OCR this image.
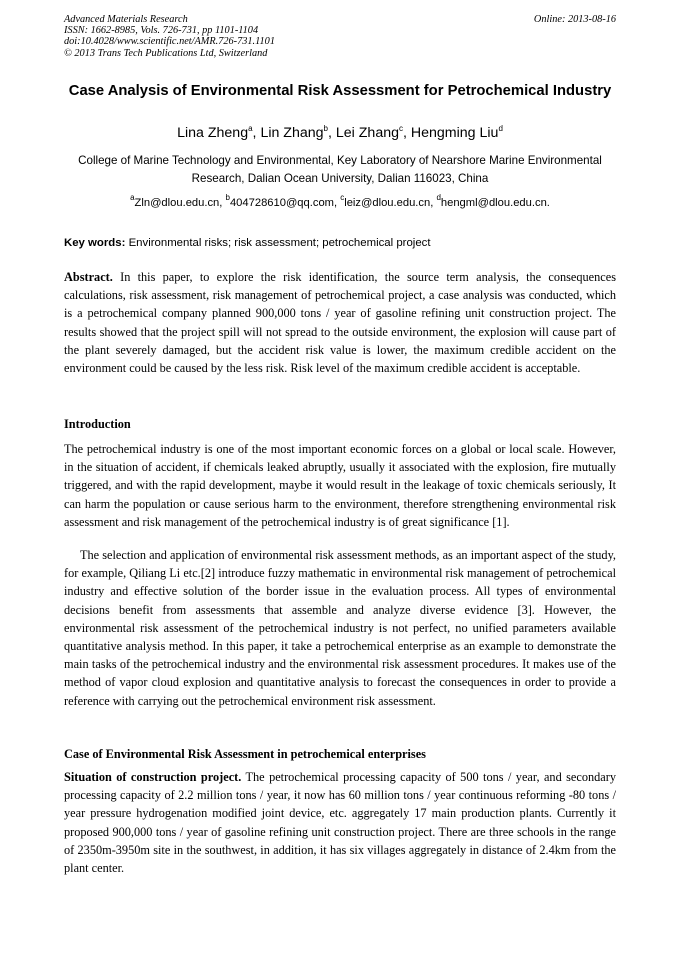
Advanced Materials Research
ISSN: 1662-8985, Vols. 726-731, pp 1101-1104
doi:10.4028/www.scientific.net/AMR.726-731.1101
© 2013 Trans Tech Publications Ltd, Switzerland
Online: 2013-08-16
Case Analysis of Environmental Risk Assessment for Petrochemical Industry
Lina Zheng$^a$, Lin Zhang$^b$, Lei Zhang$^c$, Hengming Liu$^d$
College of Marine Technology and Environmental, Key Laboratory of Nearshore Marine Environmental Research, Dalian Ocean University, Dalian 116023, China
$^a$Zln@dlou.edu.cn, $^b$404728610@qq.com, $^c$leiz@dlou.edu.cn, $^d$hengml@dlou.edu.cn.
Key words: Environmental risks; risk assessment; petrochemical project
Abstract. In this paper, to explore the risk identification, the source term analysis, the consequences calculations, risk assessment, risk management of petrochemical project, a case analysis was conducted, which is a petrochemical company planned 900,000 tons / year of gasoline refining unit construction project. The results showed that the project spill will not spread to the outside environment, the explosion will cause part of the plant severely damaged, but the accident risk value is lower, the maximum credible accident on the environment could be caused by the less risk. Risk level of the maximum credible accident is acceptable.
Introduction
The petrochemical industry is one of the most important economic forces on a global or local scale. However, in the situation of accident, if chemicals leaked abruptly, usually it associated with the explosion, fire mutually triggered, and with the rapid development, maybe it would result in the leakage of toxic chemicals seriously, It can harm the population or cause serious harm to the environment, therefore strengthening environmental risk assessment and risk management of the petrochemical industry is of great significance [1].
The selection and application of environmental risk assessment methods, as an important aspect of the study, for example, Qiliang Li etc.[2] introduce fuzzy mathematic in environmental risk management of petrochemical industry and effective solution of the border issue in the evaluation process. All types of environmental decisions benefit from assessments that assemble and analyze diverse evidence [3]. However, the environmental risk assessment of the petrochemical industry is not perfect, no unified parameters available quantitative analysis method. In this paper, it take a petrochemical enterprise as an example to demonstrate the main tasks of the petrochemical industry and the environmental risk assessment procedures. It makes use of the method of vapor cloud explosion and quantitative analysis to forecast the consequences in order to provide a reference with carrying out the petrochemical environment risk assessment.
Case of Environmental Risk Assessment in petrochemical enterprises
Situation of construction project. The petrochemical processing capacity of 500 tons / year, and secondary processing capacity of 2.2 million tons / year, it now has 60 million tons / year continuous reforming -80 tons / year pressure hydrogenation modified joint device, etc. aggregately 17 main production plants. Currently it proposed 900,000 tons / year of gasoline refining unit construction project. There are three schools in the range of 2350m-3950m site in the southwest, in addition, it has six villages aggregately in distance of 2.4km from the plant center.
